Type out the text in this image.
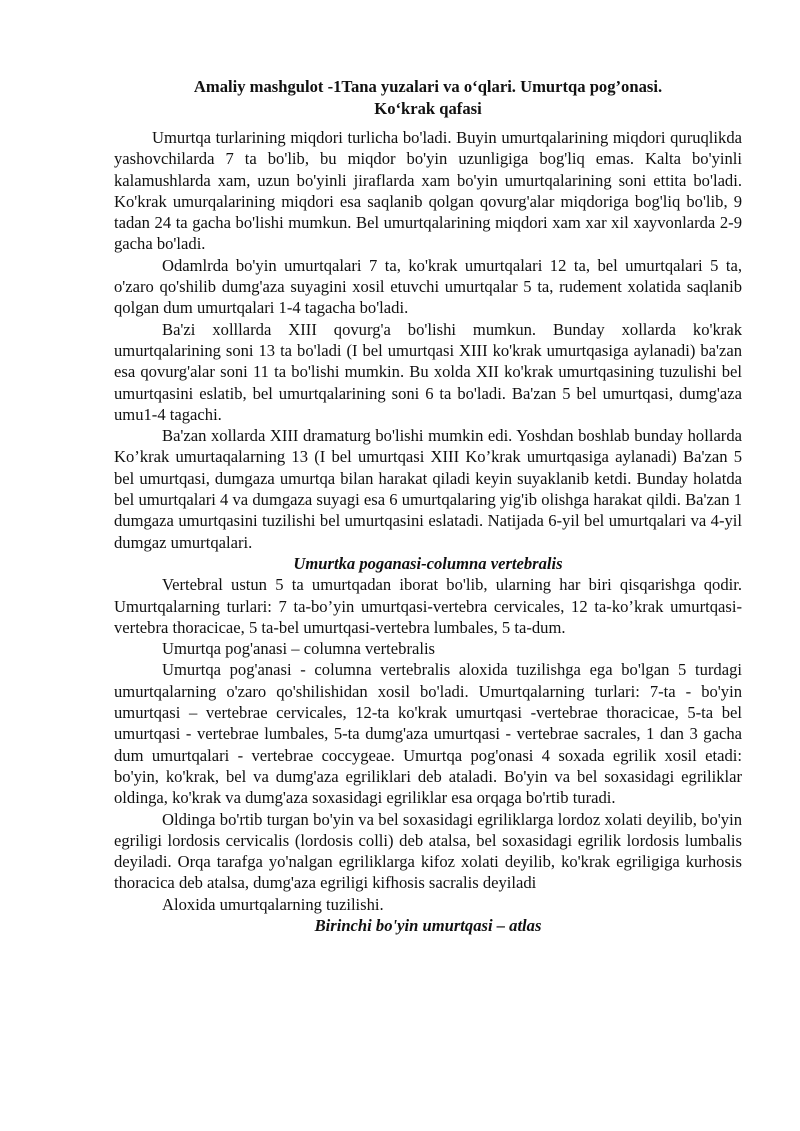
Amaliy mashgulot -1Tana yuzalari va o‘qlari. Umurtqa pog’onasi.
Ko‘krak qafasi

Umurtqa turlarining miqdori turlicha bo'ladi. Buyin umurtqalarining miqdori quruqlikda yashovchilarda 7 ta bo'lib, bu miqdor bo'yin uzunligiga bog'liq emas. Kalta bo'yinli kalamushlarda xam, uzun bo'yinli jiraflarda xam bo'yin umurtqalarining soni ettita bo'ladi. Ko'krak umurqalarining miqdori esa saqlanib qolgan qovurg'alar miqdoriga bog'liq bo'lib, 9 tadan 24 ta gacha bo'lishi mumkun. Bel umurtqalarining miqdori xam xar xil xayvonlarda 2-9 gacha bo'ladi.

Odamlrda bo'yin umurtqalari 7 ta, ko'krak umurtqalari 12 ta, bel umurtqalari 5 ta, o'zaro qo'shilib dumg'aza suyagini xosil etuvchi umurtqalar 5 ta, rudement xolatida saqlanib qolgan dum umurtqalari 1-4 tagacha bo'ladi.

Ba'zi xolllarda XIII qovurg'a bo'lishi mumkun. Bunday xollarda ko'krak umurtqalarining soni 13 ta bo'ladi (I bel umurtqasi XIII ko'krak umurtqasiga aylanadi) ba'zan esa qovurg'alar soni 11 ta bo'lishi mumkin. Bu xolda XII ko'krak umurtqasining tuzulishi bel umurtqasini eslatib, bel umurtqalarining soni 6 ta bo'ladi. Ba'zan 5 bel umurtqasi, dumg'aza umu1-4 tagachi.

Ba'zan xollarda XIII dramaturg bo'lishi mumkin edi. Yoshdan boshlab bunday hollarda Ko’krak umurtaqalarning 13 (I bel umurtqasi XIII Ko’krak umurtqasiga aylanadi) Ba'zan 5 bel umurtqasi, dumgaza umurtqa bilan harakat qiladi keyin suyaklanib ketdi. Bunday holatda bel umurtqalari 4 va dumgaza suyagi esa 6 umurtqalaring yig'ib olishga harakat qildi. Ba'zan 1 dumgaza umurtqasini tuzilishi bel umurtqasini eslatadi. Natijada 6-yil bel umurtqalari va 4-yil dumgaz umurtqalari.

Umurtka poganasi-columna vertebralis

Vertebral ustun 5 ta umurtqadan iborat bo'lib, ularning har biri qisqarishga qodir. Umurtqalarning turlari: 7 ta-bo’yin umurtqasi-vertebra cervicales, 12 ta-ko’krak umurtqasi-vertebra thoracicae, 5 ta-bel umurtqasi-vertebra lumbales, 5 ta-dum.

Umurtqa pog'anasi – columna vertebralis

Umurtqa pog'anasi - columna vertebralis aloxida tuzilishga ega bo'lgan 5 turdagi umurtqalarning o'zaro qo'shilishidan xosil bo'ladi. Umurtqalarning turlari: 7-ta - bo'yin umurtqasi – vertebrae cervicales, 12-ta ko'krak umurtqasi -vertebrae thoracicae, 5-ta bel umurtqasi - vertebrae lumbales, 5-ta dumg'aza umurtqasi - vertebrae sacrales, 1 dan 3 gacha dum umurtqalari - vertebrae coccygeae. Umurtqa pog'onasi 4 soxada egrilik xosil etadi: bo'yin, ko'krak, bel va dumg'aza egriliklari deb ataladi. Bo'yin va bel soxasidagi egriliklar oldinga, ko'krak va dumg'aza soxasidagi egriliklar esa orqaga bo'rtib turadi.

Oldinga bo'rtib turgan bo'yin va bel soxasidagi egriliklarga lordoz xolati deyilib, bo'yin egriligi lordosis cervicalis (lordosis colli) deb atalsa, bel soxasidagi egrilik lordosis lumbalis deyiladi. Orqa tarafga yo'nalgan egriliklarga kifoz xolati deyilib, ko'krak egriligiga kurhosis thoracica deb atalsa, dumg'aza egriligi kifhosis sacralis deyiladi

Aloxida umurtqalarning tuzilishi.

Birinchi bo'yin umurtqasi – atlas
